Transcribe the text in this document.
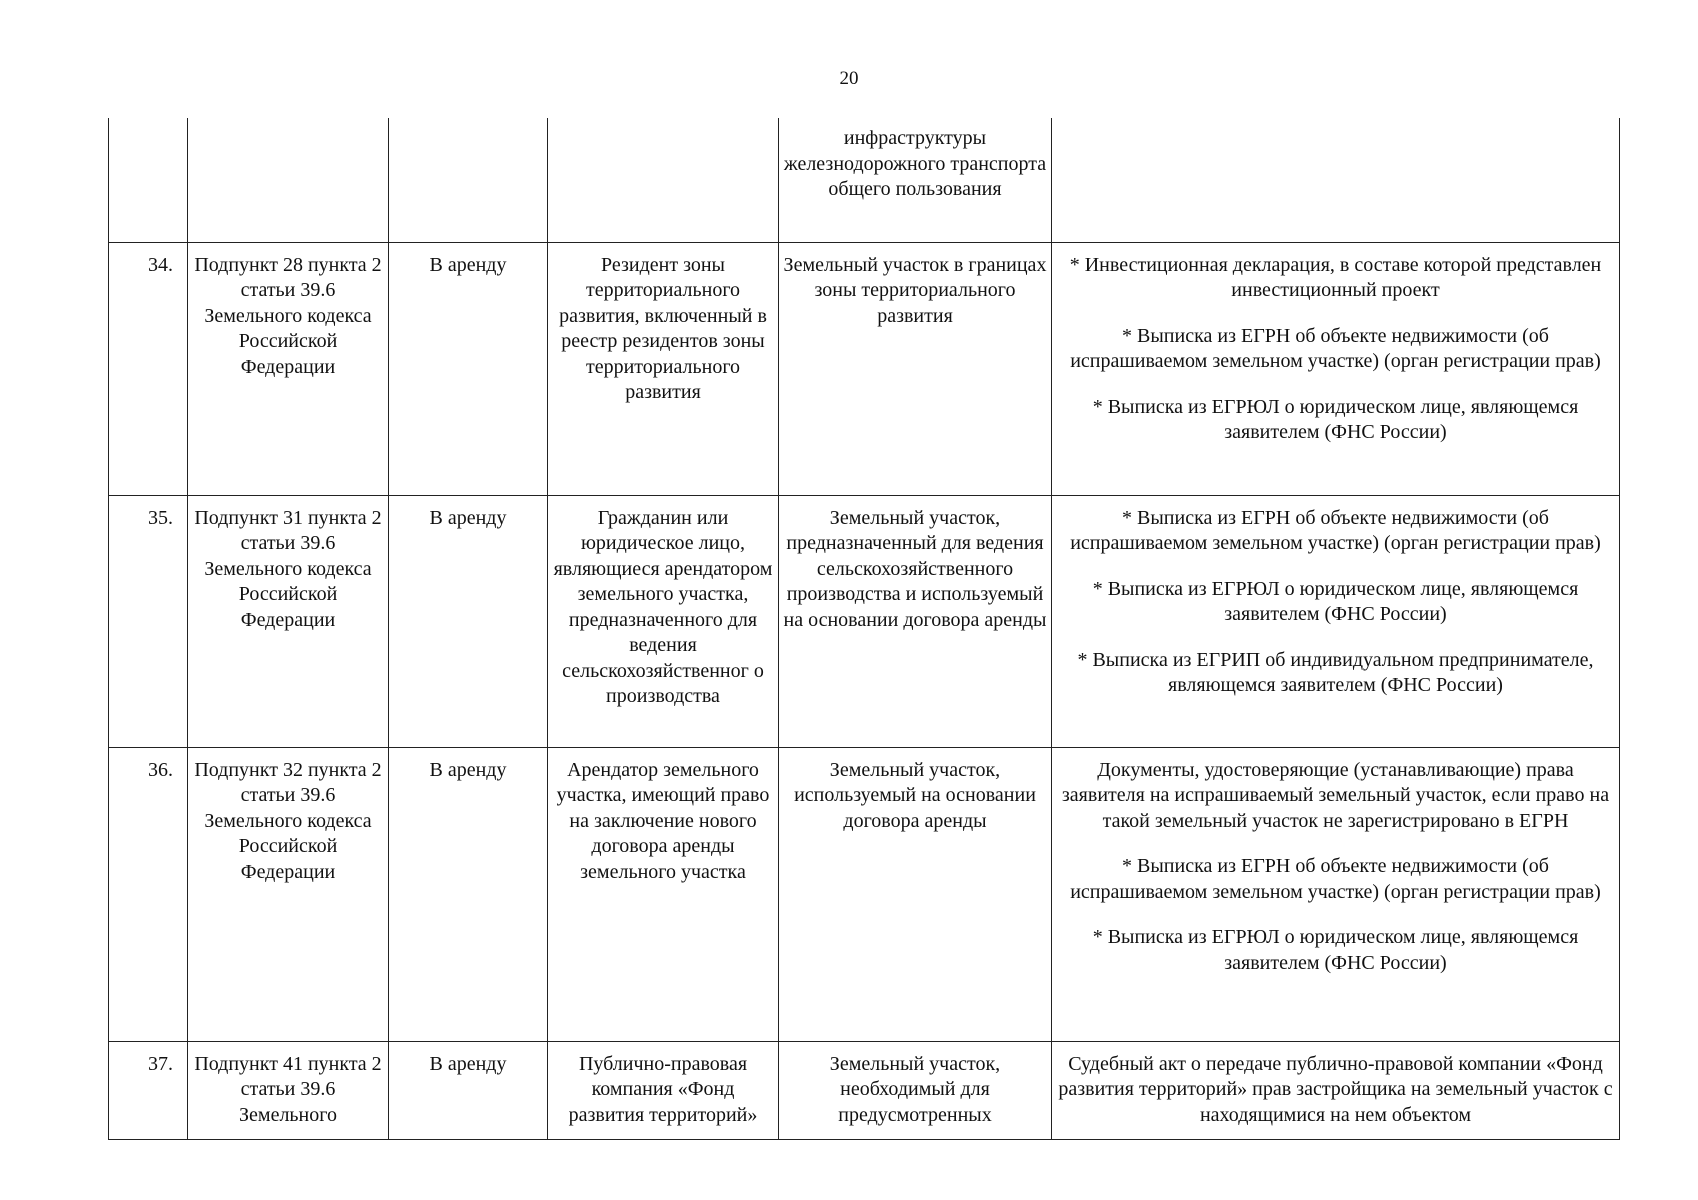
20
				инфраструктуры железнодорожного транспорта общего пользования	

34.	Подпункт 28 пункта 2 статьи 39.6 Земельного кодекса Российской Федерации	В аренду	Резидент зоны территориального развития, включенный в реестр резидентов зоны территориального развития	Земельный участок в границах зоны территориального развития	* Инвестиционная декларация, в составе которой представлен инвестиционный проект

* Выписка из ЕГРН об объекте недвижимости (об испрашиваемом земельном участке) (орган регистрации прав)

* Выписка из ЕГРЮЛ о юридическом лице, являющемся заявителем (ФНС России)

35.	Подпункт 31 пункта 2 статьи 39.6 Земельного кодекса Российской Федерации	В аренду	Гражданин или юридическое лицо, являющиеся арендатором земельного участка, предназначенного для ведения сельскохозяйственног о производства	Земельный участок, предназначенный для ведения сельскохозяйственного производства и используемый на основании договора аренды	* Выписка из ЕГРН об объекте недвижимости (об испрашиваемом земельном участке) (орган регистрации прав)

* Выписка из ЕГРЮЛ о юридическом лице, являющемся заявителем (ФНС России)

* Выписка из ЕГРИП об индивидуальном предпринимателе, являющемся заявителем (ФНС России)

36.	Подпункт 32 пункта 2 статьи 39.6 Земельного кодекса Российской Федерации	В аренду	Арендатор земельного участка, имеющий право на заключение нового договора аренды земельного участка	Земельный участок, используемый на основании договора аренды	Документы, удостоверяющие (устанавливающие) права заявителя на испрашиваемый земельный участок, если право на такой земельный участок не зарегистрировано в ЕГРН

* Выписка из ЕГРН об объекте недвижимости (об испрашиваемом земельном участке) (орган регистрации прав)

* Выписка из ЕГРЮЛ о юридическом лице, являющемся заявителем (ФНС России)

37.	Подпункт 41 пункта 2 статьи 39.6 Земельного	В аренду	Публично-правовая компания «Фонд развития территорий»	Земельный участок, необходимый для предусмотренных	Судебный акт о передаче публично-правовой компании «Фонд развития территорий» прав застройщика на земельный участок с находящимися на нем объектом
